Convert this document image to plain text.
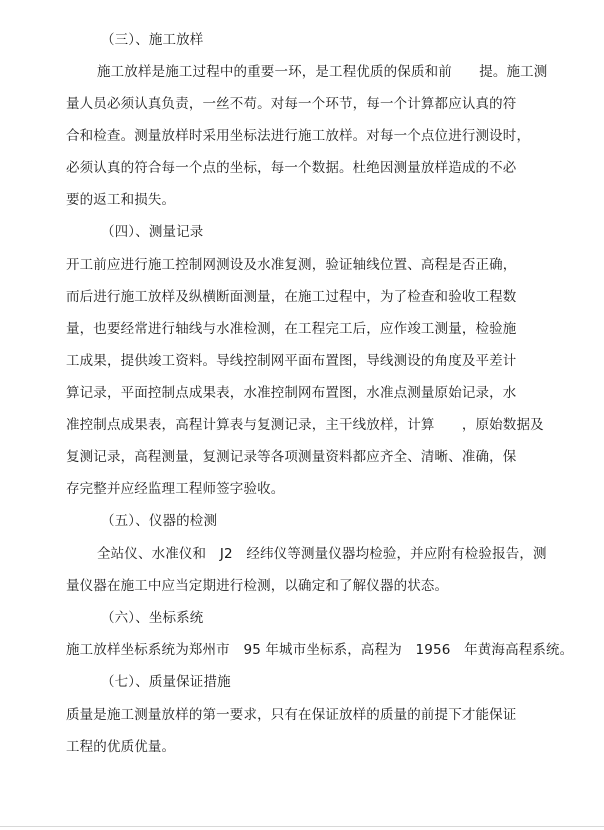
（三）、施工放样
施工放样是施工过程中的重要一环，是工程优质的保质和前　　提。施工测
量人员必须认真负责，一丝不苟。对每一个环节，每一个计算都应认真的符
合和检查。测量放样时采用坐标法进行施工放样。对每一个点位进行测设时，
必须认真的符合每一个点的坐标，每一个数据。杜绝因测量放样造成的不必
要的返工和损失。
（四）、测量记录
开工前应进行施工控制网测设及水准复测，验证轴线位置、高程是否正确，
而后进行施工放样及纵横断面测量，在施工过程中，为了检查和验收工程数
量，也要经常进行轴线与水准检测，在工程完工后，应作竣工测量，检验施
工成果，提供竣工资料。导线控制网平面布置图，导线测设的角度及平差计
算记录，平面控制点成果表，水准控制网布置图，水准点测量原始记录，水
准控制点成果表，高程计算表与复测记录，主干线放样，计算　　，原始数据及
复测记录，高程测量，复测记录等各项测量资料都应齐全、清晰、准确，保
存完整并应经监理工程师签字验收。
（五）、仪器的检测
全站仪、水准仪和　J2　经纬仪等测量仪器均检验，并应附有检验报告，测
量仪器在施工中应当定期进行检测，以确定和了解仪器的状态。
（六）、坐标系统
施工放样坐标系统为郑州市　95 年城市坐标系，高程为　1956　年黄海高程系统。
（七）、质量保证措施
质量是施工测量放样的第一要求，只有在保证放样的质量的前提下才能保证
工程的优质优量。
